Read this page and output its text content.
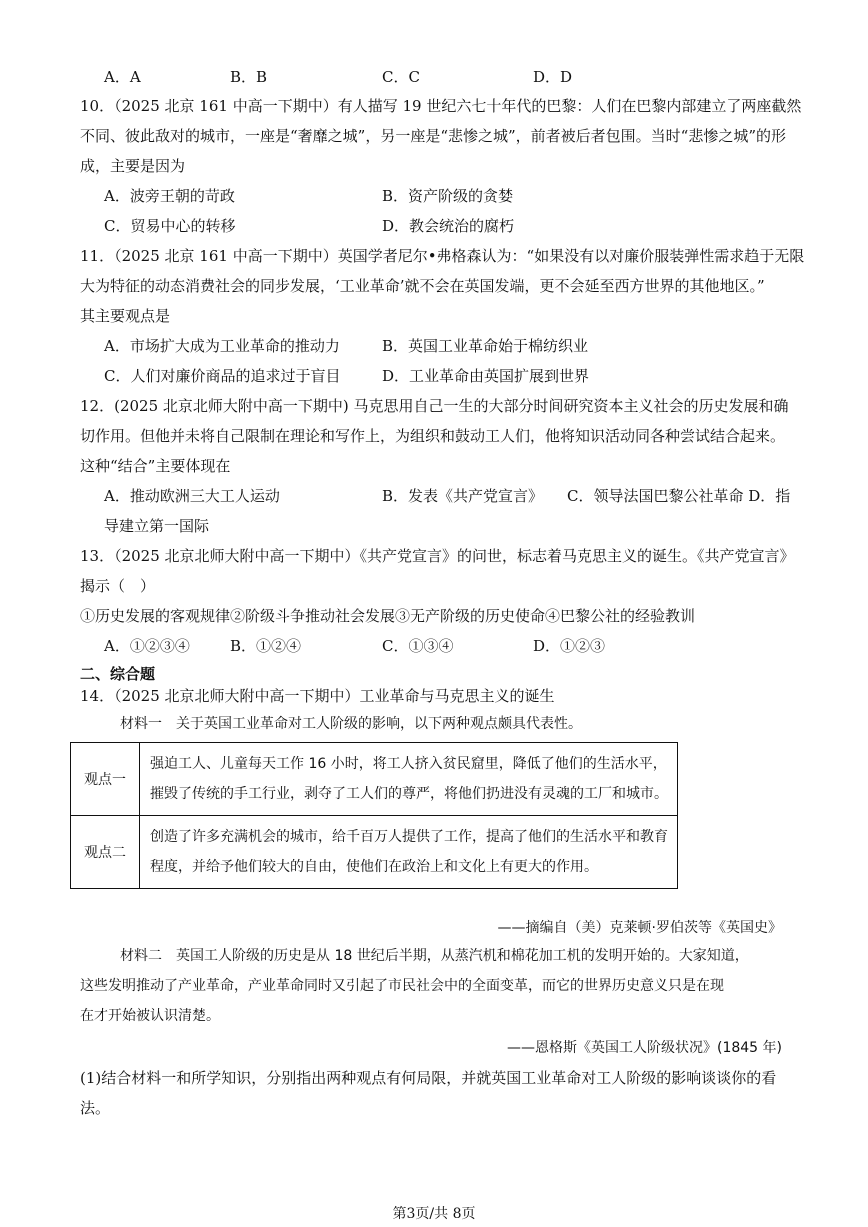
A．A	B．B	C．C	D．D
10．（2025 北京 161 中高一下期中）有人描写 19 世纪六七十年代的巴黎：人们在巴黎内部建立了两座截然
不同、彼此敌对的城市，一座是“奢靡之城”，另一座是“悲惨之城”，前者被后者包围。当时“悲惨之城”的形
成，主要是因为
A．波旁王朝的苛政	B．资产阶级的贪婪
C．贸易中心的转移	D．教会统治的腐朽
11．（2025 北京 161 中高一下期中）英国学者尼尔•弗格森认为：“如果没有以对廉价服装弹性需求趋于无限
大为特征的动态消费社会的同步发展，‘工业革命’就不会在英国发端，更不会延至西方世界的其他地区。”
其主要观点是
A．市场扩大成为工业革命的推动力	B．英国工业革命始于棉纺织业
C．人们对廉价商品的追求过于盲目	D．工业革命由英国扩展到世界
12．(2025 北京北师大附中高一下期中) 马克思用自己一生的大部分时间研究资本主义社会的历史发展和确
切作用。但他并未将自己限制在理论和写作上，为组织和鼓动工人们，他将知识活动同各种尝试结合起来。
这种“结合”主要体现在
A．推动欧洲三大工人运动	B．发表《共产党宣言》 C．领导法国巴黎公社革命 D．指
导建立第一国际
13．（2025 北京北师大附中高一下期中）《共产党宣言》的问世，标志着马克思主义的诞生。《共产党宣言》
揭示（　）
①历史发展的客观规律②阶级斗争推动社会发展③无产阶级的历史使命④巴黎公社的经验教训
A．①②③④	B．①②④	C．①③④	D．①②③
二、综合题
14．（2025 北京北师大附中高一下期中）工业革命与马克思主义的诞生
材料一　关于英国工业革命对工人阶级的影响，以下两种观点颇具代表性。
观点一	强迫工人、儿童每天工作 16 小时，将工人挤入贫民窟里，降低了他们的生活水平，摧毁了传统的手工行业，剥夺了工人们的尊严，将他们扔进没有灵魂的工厂和城市。
观点二	创造了许多充满机会的城市，给千百万人提供了工作，提高了他们的生活水平和教育程度，并给予他们较大的自由，使他们在政治上和文化上有更大的作用。
——摘编自（美）克莱顿·罗伯茨等《英国史》
材料二　英国工人阶级的历史是从 18 世纪后半期，从蒸汽机和棉花加工机的发明开始的。大家知道，
这些发明推动了产业革命，产业革命同时又引起了市民社会中的全面变革，而它的世界历史意义只是在现
在才开始被认识清楚。
——恩格斯《英国工人阶级状况》(1845 年)
(1)结合材料一和所学知识，分别指出两种观点有何局限，并就英国工业革命对工人阶级的影响谈谈你的看
法。
第3页/共 8页
